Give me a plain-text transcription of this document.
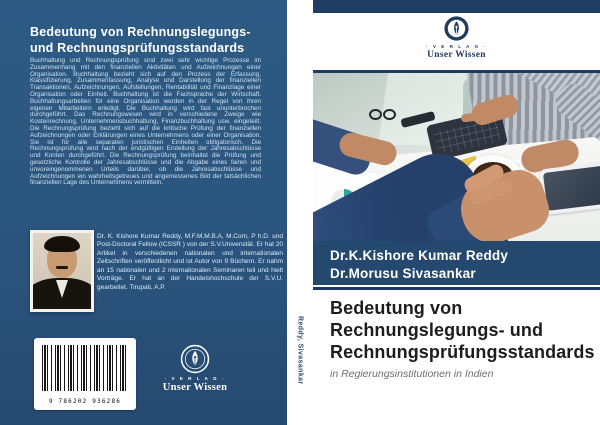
Bedeutung von Rechnungslegungs- und Rechnungsprüfungsstandards

Buchhaltung und Rechnungsprüfung sind zwei sehr wichtige Prozesse im Zusammenhang mit den finanziellen Aktivitäten und Aufzeichnungen einer Organisation. Buchhaltung bezieht sich auf den Prozess der Erfassung, Klassifizierung, Zusammenfassung, Analyse und Darstellung der finanziellen Transaktionen, Aufzeichnungen, Aufstellungen, Rentabilität und Finanzlage einer Organisation oder Einheit. Buchhaltung ist die Fachsprache der Wirtschaft. Buchhaltungsarbeiten für eine Organisation werden in der Regel von ihren eigenen Mitarbeitern erledigt. Die Buchhaltung wird fast ununterbrochen durchgeführt. Das Rechnungswesen wird in verschiedene Zweige wie Kostenrechnung, Unternehmensbuchhaltung, Finanzbuchhaltung usw. eingeteilt. Die Rechnungsprüfung bezieht sich auf die kritische Prüfung der finanziellen Aufzeichnungen oder Erklärungen eines Unternehmens oder einer Organisation. Sie ist für alle separaten juristischen Einheiten obligatorisch. Die Rechnungsprüfung wird nach der endgültigen Erstellung der Jahresabschlüsse und Konten durchgeführt. Die Rechnungsprüfung beinhaltet die Prüfung und gesetzliche Kontrolle der Jahresabschlüsse und die Abgabe eines fairen und unvoreingenommenen Urteils darüber, ob die Jahresabschlüsse und Aufzeichnungen ein wahrheitsgetreues und angemessenes Bild der tatsächlichen finanziellen Lage des Unternehmens vermitteln.

Dr. K. Kishore Kumar Reddy, M.F.M,M.B.A, M.Com, P h.D. und Post-Doctoral Fellow (ICSSR ) von der S.V.Universität. Er hat 20 Artikel in verschiedenen nationalen und internationalen Zeitschriften veröffentlicht und ist Autor von 9 Büchern. Er nahm an 15 nationalen und 2 internationalen Seminaren teil und hielt Vorträge. Er hat an der Handelshochschule der S.V.U. gearbeitet. Tirupati, A.P.

9 786202 936286
· V E R L A G ·
Unser Wissen
Reddy, Sivasankar
· V E R L A G ·
Unser Wissen
Dr.K.Kishore Kumar Reddy
Dr.Morusu Sivasankar
Bedeutung von Rechnungslegungs- und Rechnungsprüfungsstandards

in Regierungsinstitutionen in Indien
